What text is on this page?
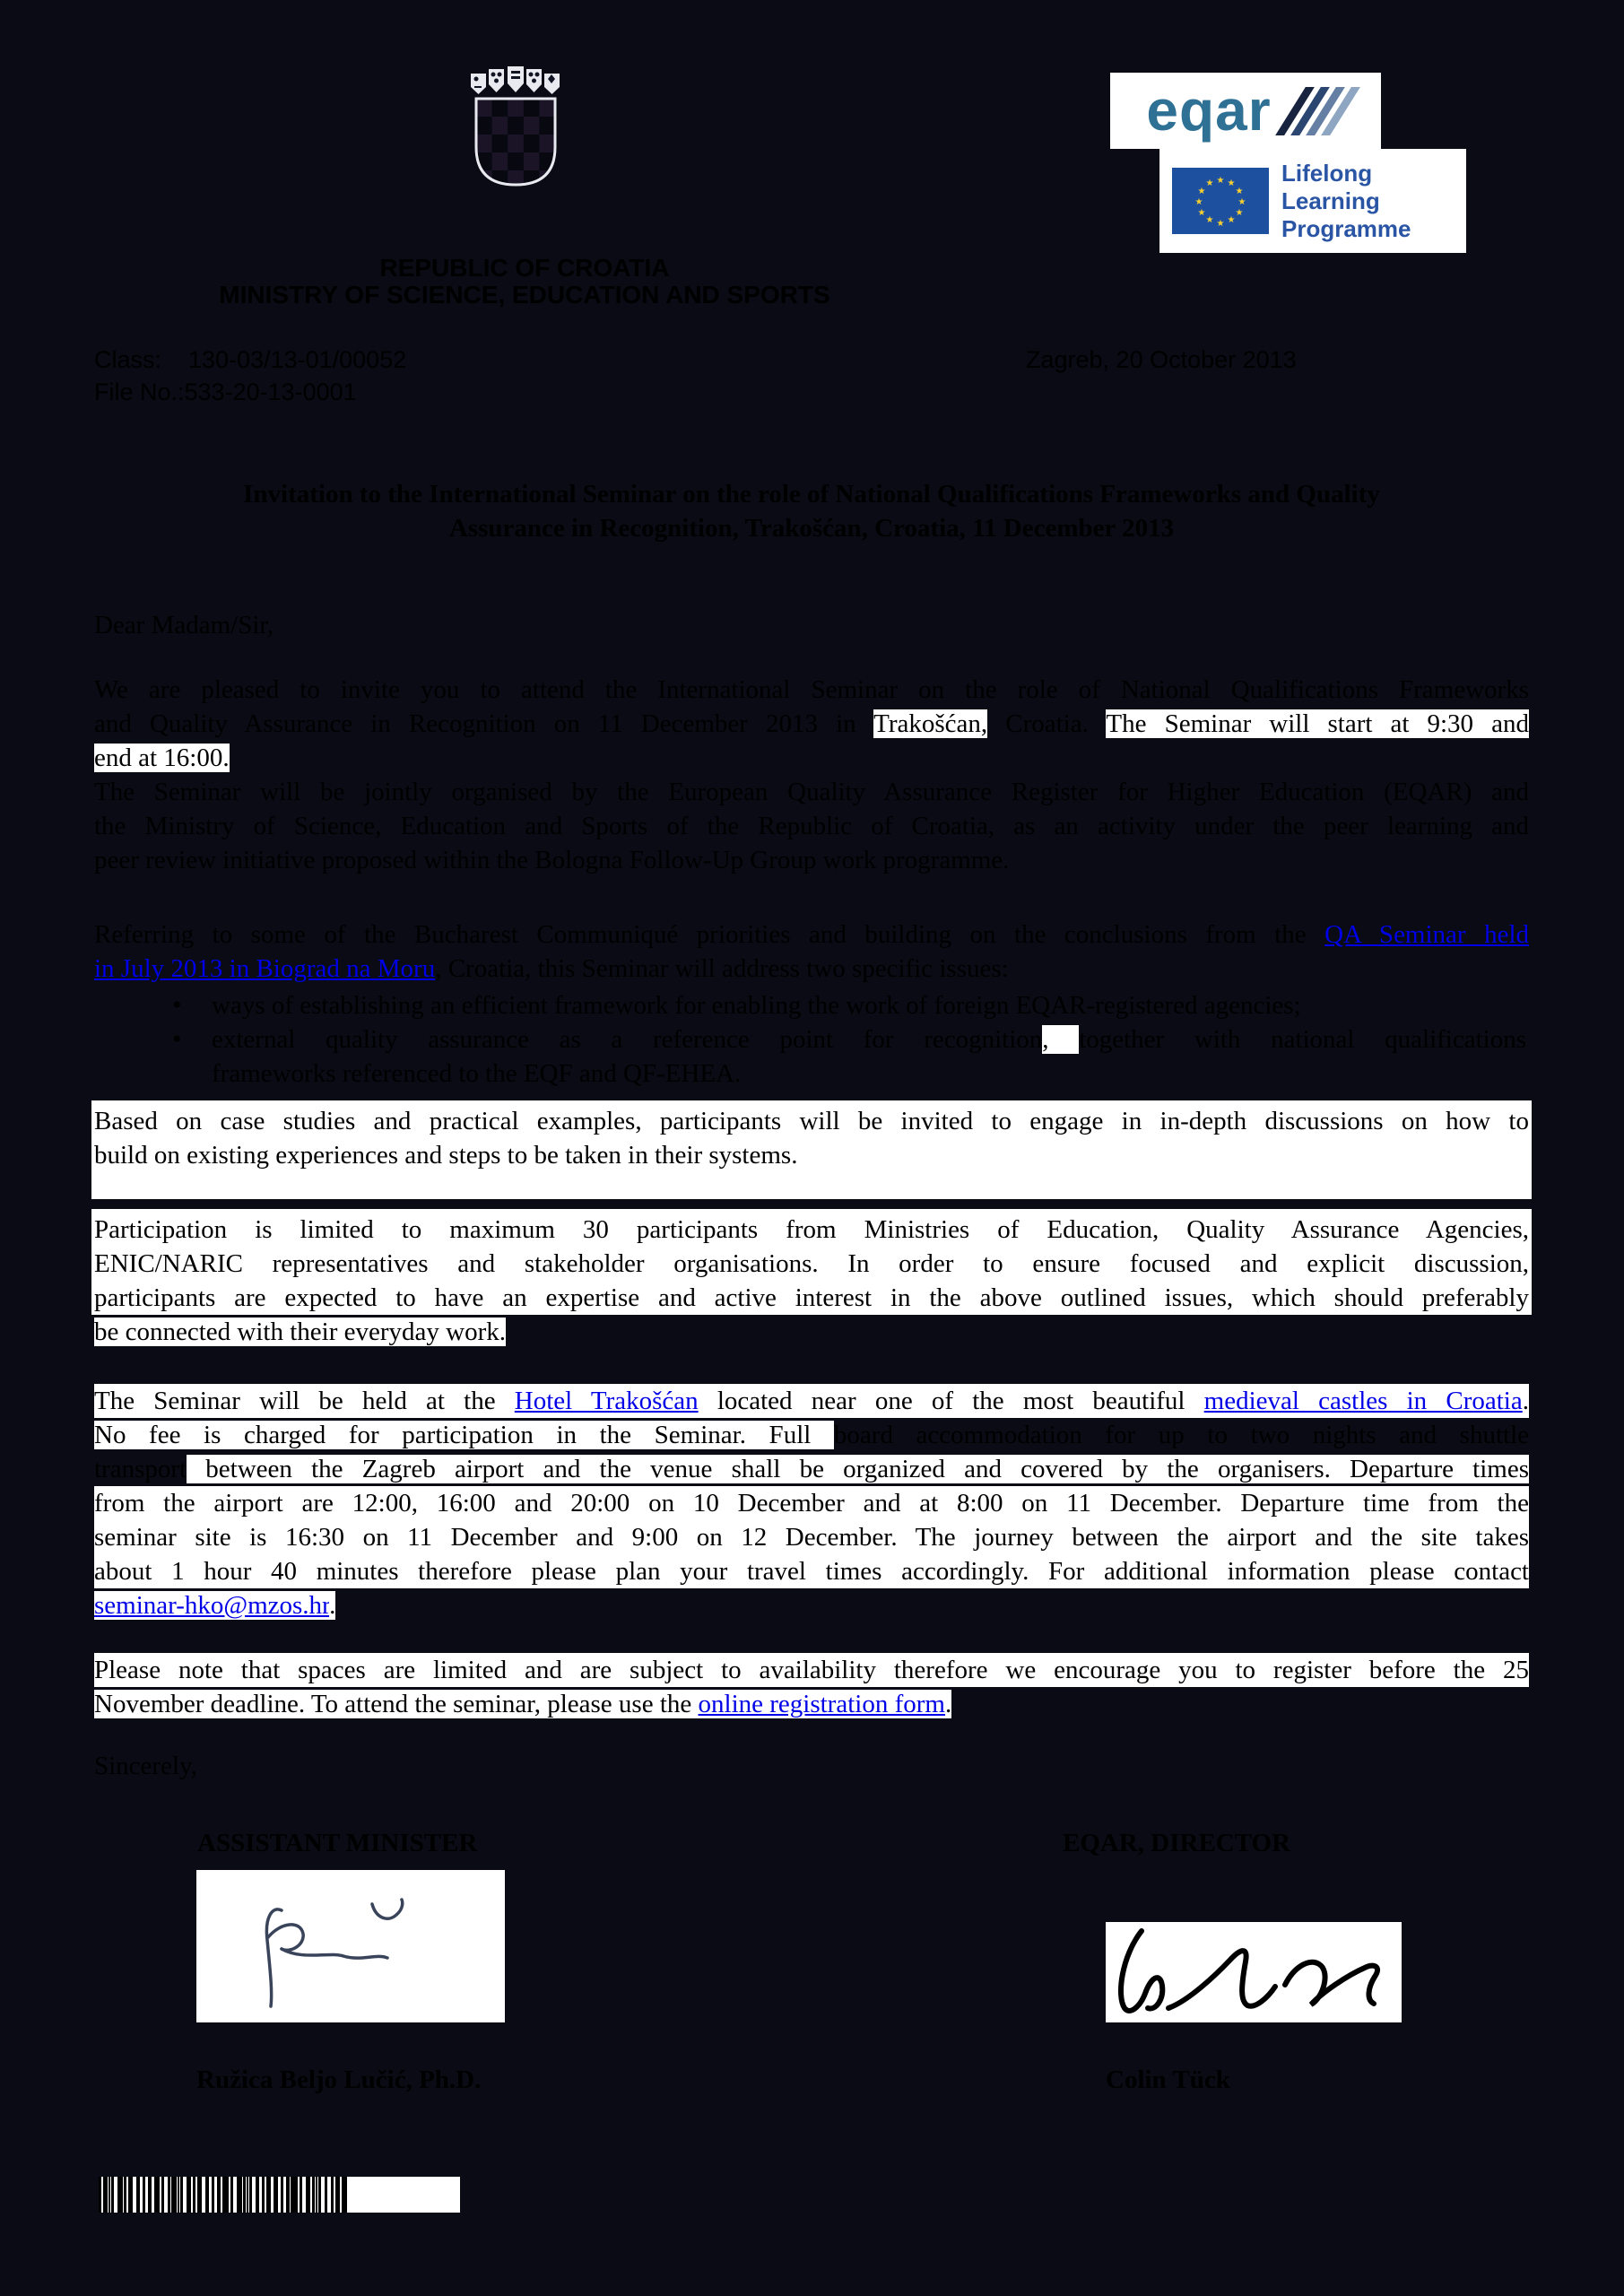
eqar
★ ★
★
★
★
★
★
★
★
★
★
★	Lifelong
Learning
Programme
REPUBLIC OF CROATIA
MINISTRY OF SCIENCE, EDUCATION AND SPORTS
Class: 130-03/13-01/00052
File No.:533-20-13-0001
Zagreb, 20 October 2013
Invitation to the International Seminar on the role of National Qualifications Frameworks and Quality
Assurance in Recognition, Trakošćan, Croatia, 11 December 2013
Dear Madam/Sir,
We are pleased to invite you to attend the International Seminar on the role of National Qualifications Frameworks
and Quality Assurance in Recognition on 11 December 2013 in Trakošćan, Croatia. The Seminar will start at 9:30 and
end at 16:00.
The Seminar will be jointly organised by the European Quality Assurance Register for Higher Education (EQAR) and
the Ministry of Science, Education and Sports of the Republic of Croatia, as an activity under the peer learning and
peer review initiative proposed within the Bologna Follow-Up Group work programme.
Referring to some of the Bucharest Communiqué priorities and building on the conclusions from the QA Seminar held
in July 2013 in Biograd na Moru, Croatia, this Seminar will address two specific issues:
• ways of establishing an efficient framework for enabling the work of foreign EQAR-registered agencies;
• external quality assurance as a reference point for recognition, together with national qualifications
frameworks referenced to the EQF and QF-EHEA.
Based on case studies and practical examples, participants will be invited to engage in in-depth discussions on how to
build on existing experiences and steps to be taken in their systems.
Participation is limited to maximum 30 participants from Ministries of Education, Quality Assurance Agencies,
ENIC/NARIC representatives and stakeholder organisations. In order to ensure focused and explicit discussion,
participants are expected to have an expertise and active interest in the above outlined issues, which should preferably
be connected with their everyday work.
The Seminar will be held at the Hotel Trakošćan located near one of the most beautiful medieval castles in Croatia.
No fee is charged for participation in the Seminar. Full board accommodation for up to two nights and shuttle
transport between the Zagreb airport and the venue shall be organized and covered by the organisers. Departure times
from the airport are 12:00, 16:00 and 20:00 on 10 December and at 8:00 on 11 December. Departure time from the
seminar site is 16:30 on 11 December and 9:00 on 12 December. The journey between the airport and the site takes
about 1 hour 40 minutes therefore please plan your travel times accordingly. For additional information please contact
seminar-hko@mzos.hr.
Please note that spaces are limited and are subject to availability therefore we encourage you to register before the 25
November deadline. To attend the seminar, please use the online registration form.
Sincerely,
ASSISTANT MINISTER	EQAR, DIRECTOR
Ružica Beljo Lučić, Ph.D.	Colin Tück
